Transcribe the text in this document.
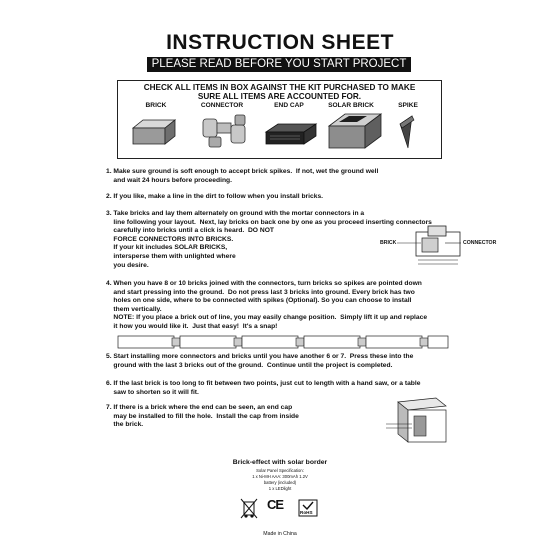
INSTRUCTION SHEET
PLEASE READ BEFORE YOU START PROJECT
CHECK ALL ITEMS IN BOX AGAINST THE KIT PURCHASED TO MAKE
SURE ALL ITEMS ARE ACCOUNTED FOR.
BRICK	CONNECTOR	END CAP	SOLAR BRICK	SPIKE
1. Make sure ground is soft enough to accept brick spikes.  If not, wet the ground well
and wait 24 hours before proceeding.
2. If you like, make a line in the dirt to follow when you install bricks.
3. Take bricks and lay them alternately on ground with the mortar connectors in a
line following your layout.  Next, lay bricks on back one by one as you proceed inserting connectors
carefully into bricks until a click is heard.  DO NOT
FORCE CONNECTORS INTO BRICKS.
If your kit includes SOLAR BRICKS,
intersperse them with unlighted where
you desire.
BRICK	CONNECTOR
4. When you have 8 or 10 bricks joined with the connectors, turn bricks so spikes are pointed down
and start pressing into the ground.  Do not press last 3 bricks into ground. Every brick has two
holes on one side, where to be connected with spikes (Optional). So you can choose to install
them vertically.
NOTE: If you place a brick out of line, you may easily change position.  Simply lift it up and replace
it how you would like it.  Just that easy!  It's a snap!
5. Start installing more connectors and bricks until you have another 6 or 7.  Press these into the
ground with the last 3 bricks out of the ground.  Continue until the project is completed.
6. If the last brick is too long to fit between two points, just cut to length with a hand saw, or a table
saw to shorten so it will fit.
7. If there is a brick where the end can be seen, an end cap
may be installed to fill the hole.  Install the cap from inside
the brick.
Brick-effect with solar border
Solar Panel Specification:
1 x Ni-MH AAA: 300mAh 1.2V
battery (included)
1 x LEDlight
CE
RoHS
Made in China
